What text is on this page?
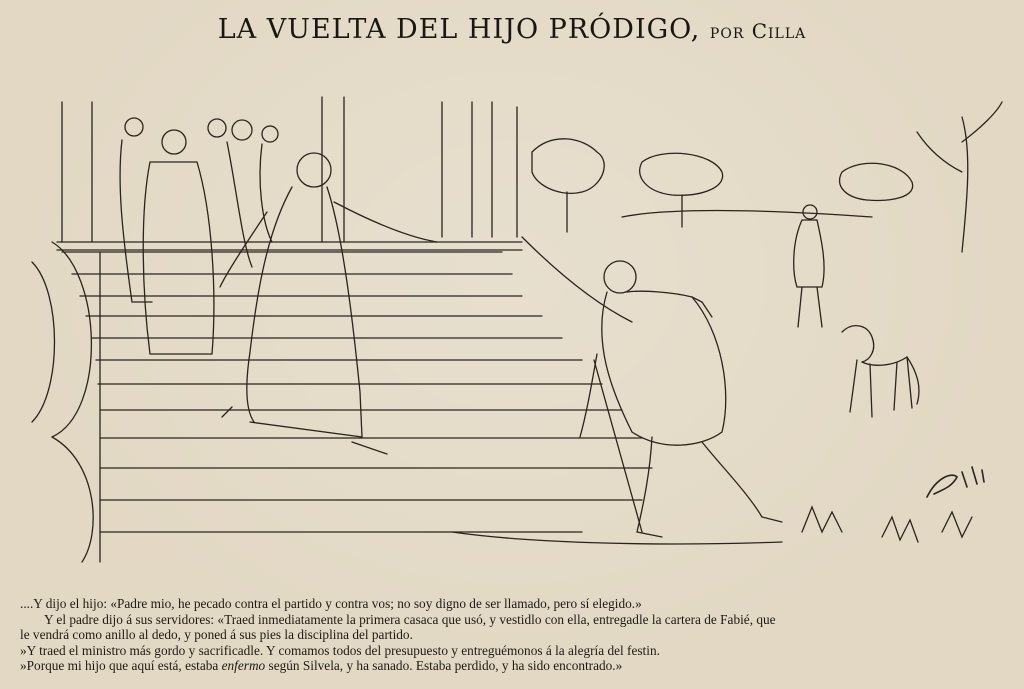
LA VUELTA DEL HIJO PRÓDIGO, por Cilla

....Y dijo el hijo: «Padre mio, he pecado contra el partido y contra vos; no soy digno de ser llamado, pero sí elegido.»

Y el padre dijo á sus servidores: «Traed inmediatamente la primera casaca que usó, y vestidlo con ella, entregadle la cartera de Fabié, que

le vendrá como anillo al dedo, y poned á sus pies la disciplina del partido.

»Y traed el ministro más gordo y sacrificadle. Y comamos todos del presupuesto y entreguémonos á la alegría del festin.

»Porque mi hijo que aquí está, estaba enfermo según Silvela, y ha sanado. Estaba perdido, y ha sido encontrado.»
